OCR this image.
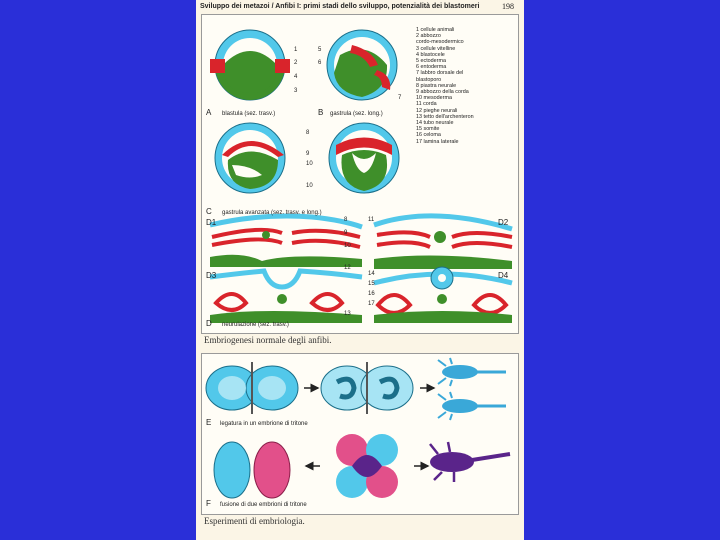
Sviluppo dei metazoi / Anfibi I: primi stadi dello sviluppo, potenzialità dei blastomeri	198
A blastula (sez. trasv.)	B gastrula (sez. long.)
C gastrula avanzata (sez. trasv. e long.)
D1	D2
D3	D4
D neurulazione (sez. trasv.)
1
2
4
3
5
6
7
8
9
10
10
11
8
9
10
12
14
15
16
17
13
1 cellule animali
2 abbozzo
cordo-mesodermico
3 cellule vitelline
4 blastocele
5 ectoderma
6 entoderma
7 labbro dorsale del
blastoporo
8 piastra neurale
9 abbozzo della corda
10 mesoderma
11 corda
12 pieghe neurali
13 tetto dell'archenteron
14 tubo neurale
15 somite
16 celoma
17 lamina laterale
Embriogenesi normale degli anfibi.
E legatura in un embrione di tritone
F fusione di due embrioni di tritone
Esperimenti di embriologia.
